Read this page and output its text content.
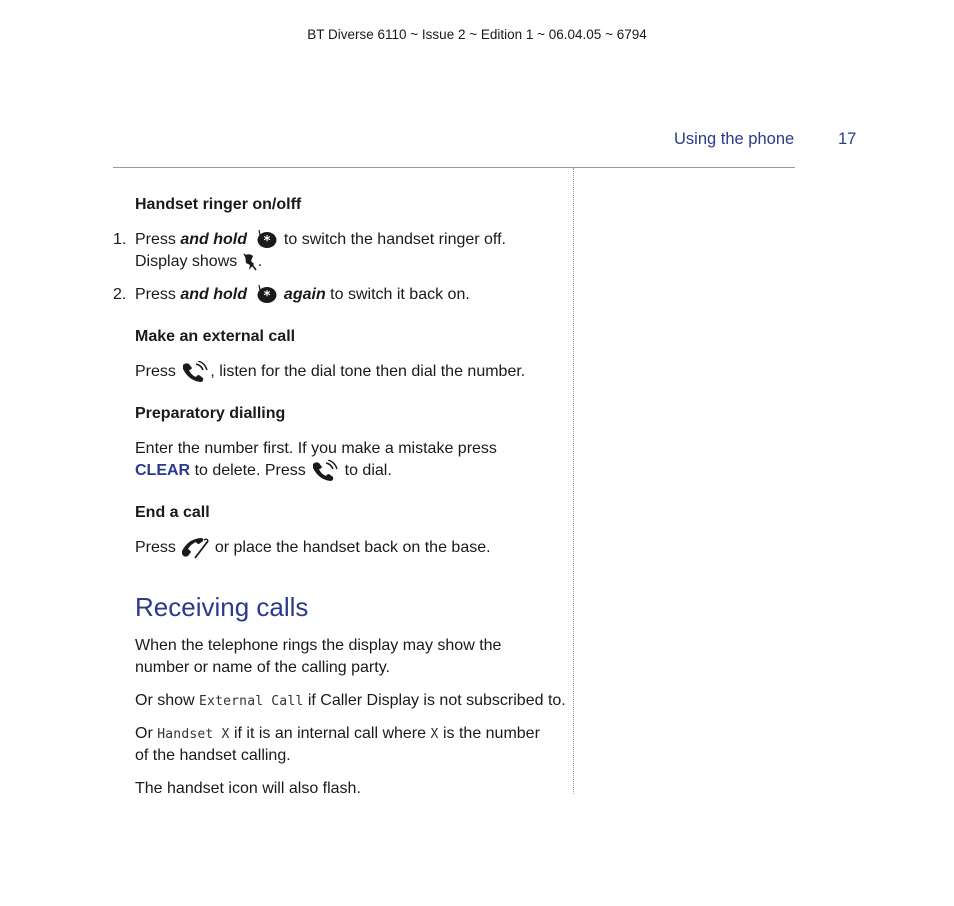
BT Diverse 6110 ~ Issue 2 ~ Edition 1 ~ 06.04.05 ~ 6794
Using the phone	17
Handset ringer on/olff
1. Press and hold * to switch the handset ringer off.
Display shows .
2. Press and hold * again to switch it back on.
Make an external call
Press , listen for the dial tone then dial the number.
Preparatory dialling
Enter the number first. If you make a mistake press
CLEAR to delete. Press to dial.
End a call
Press or place the handset back on the base.
Receiving calls
When the telephone rings the display may show the number or name of the calling party.
Or show External Call if Caller Display is not subscribed to.
Or Handset X if it is an internal call where X is the number
of the handset calling.
The handset icon will also flash.
